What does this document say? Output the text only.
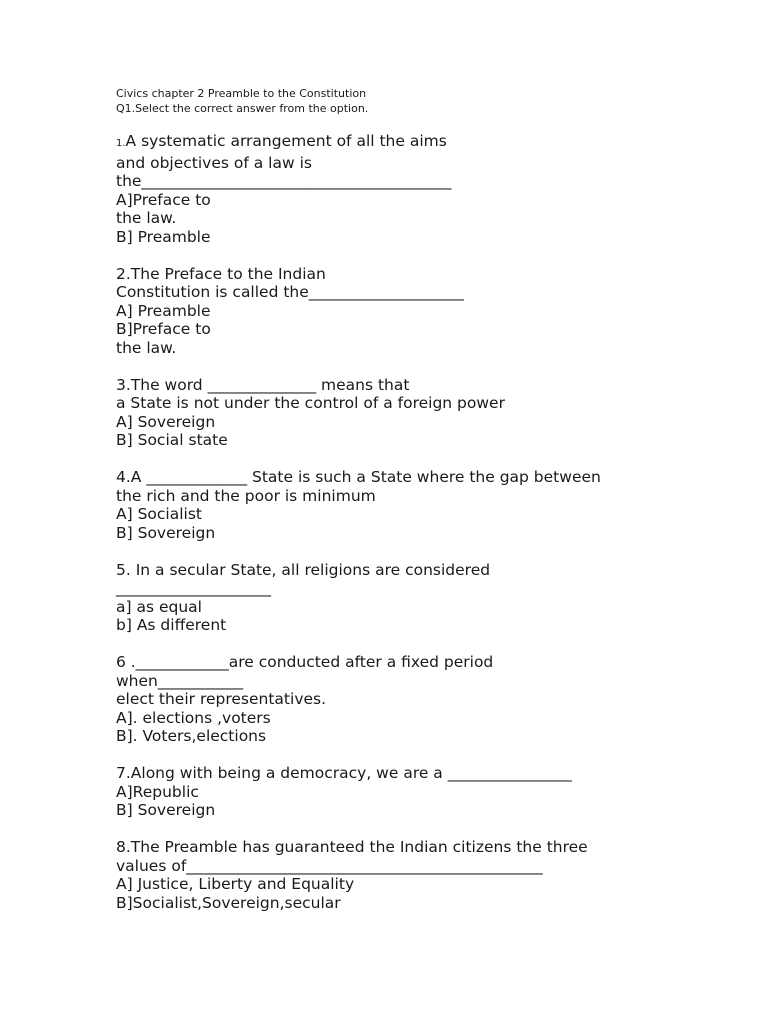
Civics chapter 2 Preamble to the Constitution
Q1.Select the correct answer from the option.
1.A systematic arrangement of all the aims
and objectives of a law is
the________________________________________
A]Preface to
the law.
B] Preamble
2.The Preface to the Indian
Constitution is called the____________________
A] Preamble
B]Preface to
the law.
3.The word ______________ means that
a State is not under the control of a foreign power
A] Sovereign
B] Social state
4.A _____________ State is such a State where the gap between
the rich and the poor is minimum
A] Socialist
B] Sovereign
5. In a secular State, all religions are considered
____________________
a] as equal
b] As different
6 .____________are conducted after a fixed period
when___________
elect their representatives.
A]. elections ,voters
B]. Voters,elections
7.Along with being a democracy, we are a ________________
A]Republic
B] Sovereign
8.The Preamble has guaranteed the Indian citizens the three
values of______________________________________________
A] Justice, Liberty and Equality
B]Socialist,Sovereign,secular
